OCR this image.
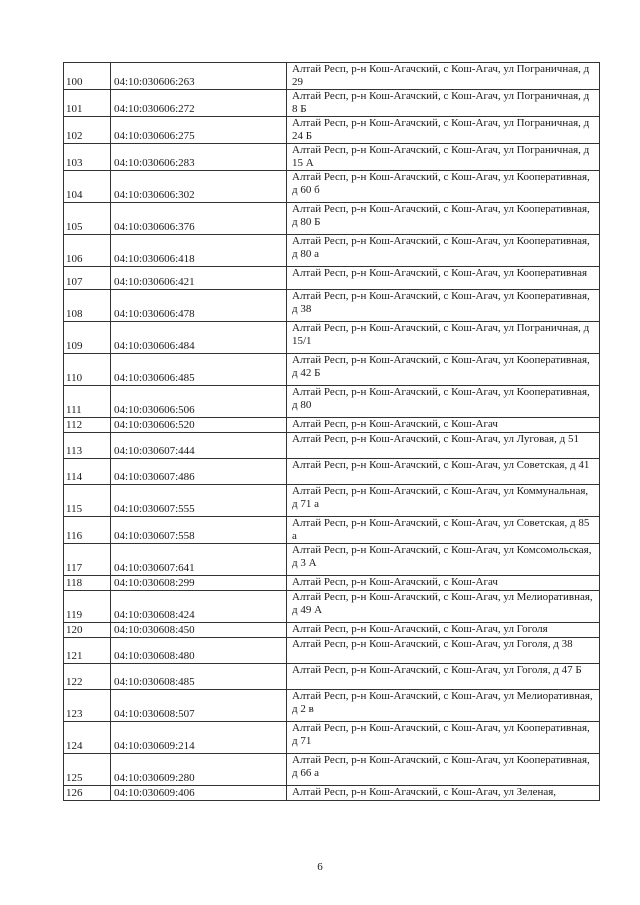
100	04:10:030606:263	Алтай Респ, р-н Кош-Агачский, с Кош-Агач, ул Пограничная, д 29
101	04:10:030606:272	Алтай Респ, р-н Кош-Агачский, с Кош-Агач, ул Пограничная, д 8 Б
102	04:10:030606:275	Алтай Респ, р-н Кош-Агачский, с Кош-Агач, ул Пограничная, д 24 Б
103	04:10:030606:283	Алтай Респ, р-н Кош-Агачский, с Кош-Агач, ул Пограничная, д 15 А
104	04:10:030606:302	Алтай Респ, р-н Кош-Агачский, с Кош-Агач, ул Кооперативная, д 60 б
105	04:10:030606:376	Алтай Респ, р-н Кош-Агачский, с Кош-Агач, ул Кооперативная, д 80 Б
106	04:10:030606:418	Алтай Респ, р-н Кош-Агачский, с Кош-Агач, ул Кооперативная, д 80 а
107	04:10:030606:421	Алтай Респ, р-н Кош-Агачский, с Кош-Агач, ул Кооперативная
108	04:10:030606:478	Алтай Респ, р-н Кош-Агачский, с Кош-Агач, ул Кооперативная, д 38
109	04:10:030606:484	Алтай Респ, р-н Кош-Агачский, с Кош-Агач, ул Пограничная, д 15/1
110	04:10:030606:485	Алтай Респ, р-н Кош-Агачский, с Кош-Агач, ул Кооперативная, д 42 Б
111	04:10:030606:506	Алтай Респ, р-н Кош-Агачский, с Кош-Агач, ул Кооперативная, д 80
112	04:10:030606:520	Алтай Респ, р-н Кош-Агачский, с Кош-Агач
113	04:10:030607:444	Алтай Респ, р-н Кош-Агачский, с Кош-Агач, ул Луговая, д 51
114	04:10:030607:486	Алтай Респ, р-н Кош-Агачский, с Кош-Агач, ул Советская, д 41
115	04:10:030607:555	Алтай Респ, р-н Кош-Агачский, с Кош-Агач, ул Коммунальная, д 71 а
116	04:10:030607:558	Алтай Респ, р-н Кош-Агачский, с Кош-Агач, ул Советская, д 85 а
117	04:10:030607:641	Алтай Респ, р-н Кош-Агачский, с Кош-Агач, ул Комсомольская, д 3 А
118	04:10:030608:299	Алтай Респ, р-н Кош-Агачский, с Кош-Агач
119	04:10:030608:424	Алтай Респ, р-н Кош-Агачский, с Кош-Агач, ул Мелиоративная, д 49 А
120	04:10:030608:450	Алтай Респ, р-н Кош-Агачский, с Кош-Агач, ул Гоголя
121	04:10:030608:480	Алтай Респ, р-н Кош-Агачский, с Кош-Агач, ул Гоголя, д 38
122	04:10:030608:485	Алтай Респ, р-н Кош-Агачский, с Кош-Агач, ул Гоголя, д 47 Б
123	04:10:030608:507	Алтай Респ, р-н Кош-Агачский, с Кош-Агач, ул Мелиоративная, д 2 в
124	04:10:030609:214	Алтай Респ, р-н Кош-Агачский, с Кош-Агач, ул Кооперативная, д 71
125	04:10:030609:280	Алтай Респ, р-н Кош-Агачский, с Кош-Агач, ул Кооперативная, д 66 а
126	04:10:030609:406	Алтай Респ, р-н Кош-Агачский, с Кош-Агач, ул Зеленая,
6
